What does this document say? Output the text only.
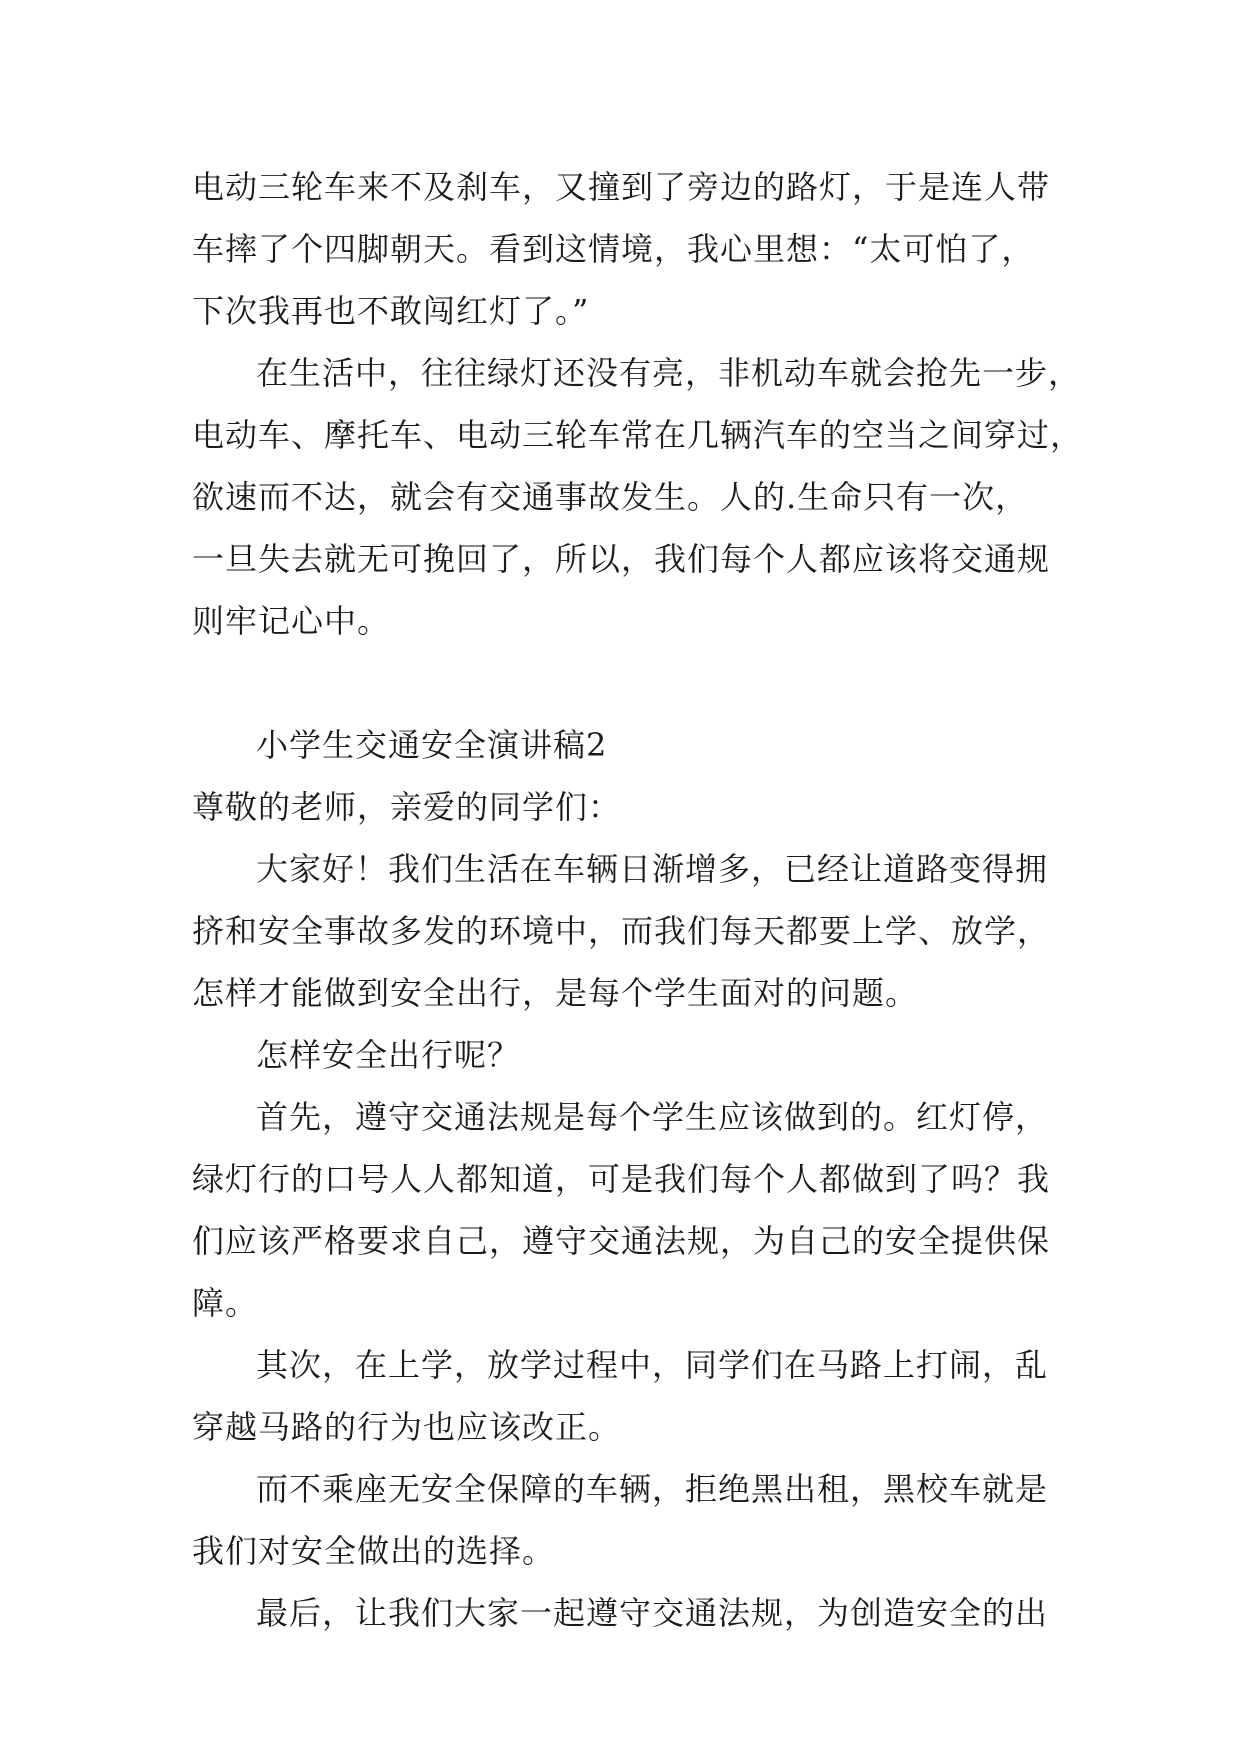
电动三轮车来不及刹车，又撞到了旁边的路灯，于是连人带
车摔了个四脚朝天。看到这情境，我心里想：“太可怕了，
下次我再也不敢闯红灯了。”
在生活中，往往绿灯还没有亮，非机动车就会抢先一步，
电动车、摩托车、电动三轮车常在几辆汽车的空当之间穿过，
欲速而不达，就会有交通事故发生。人的.生命只有一次，
一旦失去就无可挽回了，所以，我们每个人都应该将交通规
则牢记心中。
小学生交通安全演讲稿2
尊敬的老师，亲爱的同学们：
大家好！我们生活在车辆日渐增多，已经让道路变得拥
挤和安全事故多发的环境中，而我们每天都要上学、放学，
怎样才能做到安全出行，是每个学生面对的问题。
怎样安全出行呢？
首先，遵守交通法规是每个学生应该做到的。红灯停，
绿灯行的口号人人都知道，可是我们每个人都做到了吗？我
们应该严格要求自己，遵守交通法规，为自己的安全提供保
障。
其次，在上学，放学过程中，同学们在马路上打闹，乱
穿越马路的行为也应该改正。
而不乘座无安全保障的车辆，拒绝黑出租，黑校车就是
我们对安全做出的选择。
最后，让我们大家一起遵守交通法规，为创造安全的出
